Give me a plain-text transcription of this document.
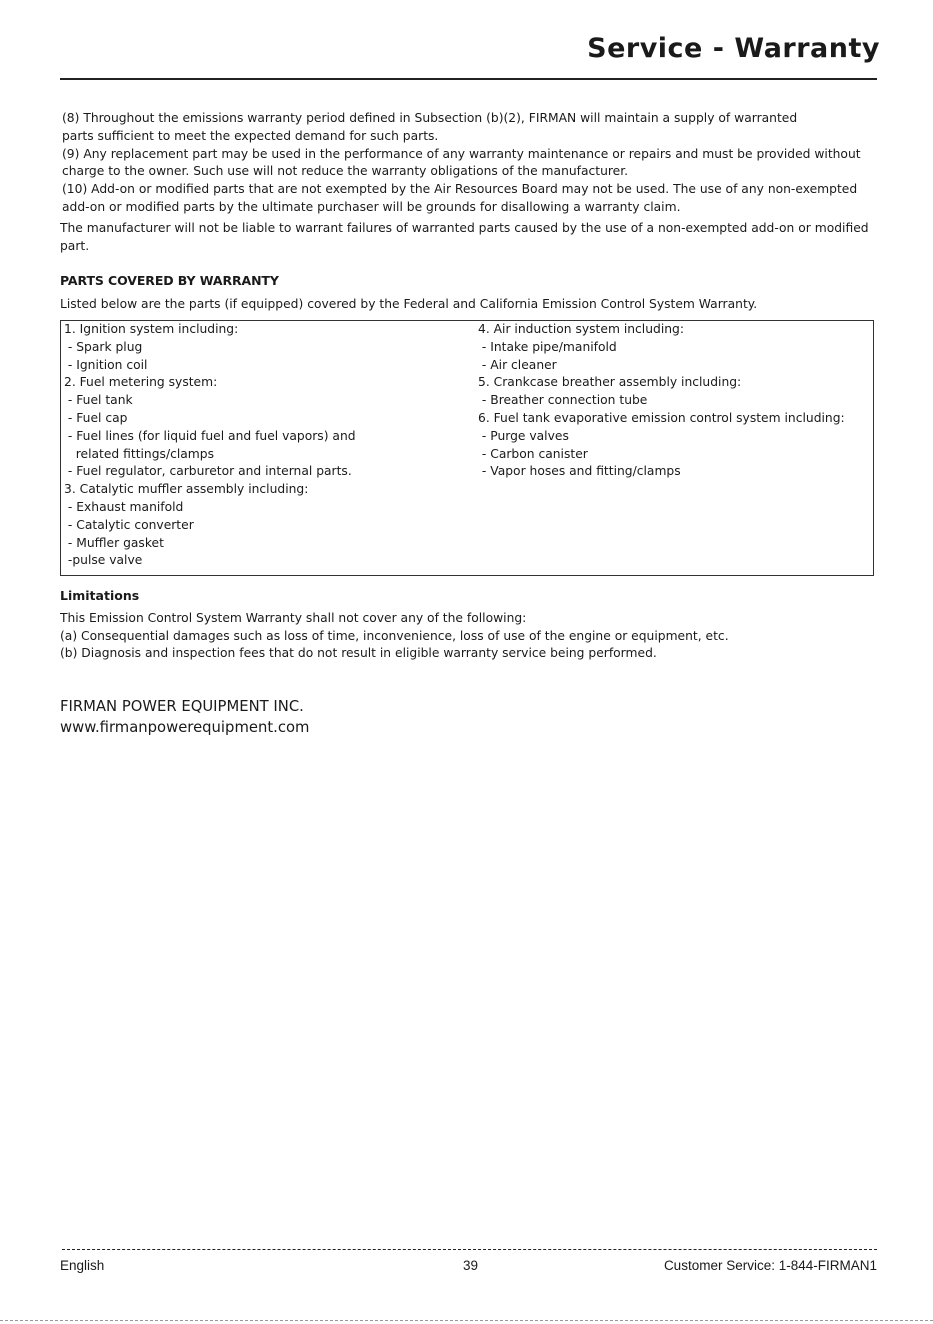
Service - Warranty

(8) Throughout the emissions warranty period defined in Subsection (b)(2), FIRMAN will maintain a supply of warranted
parts sufficient to meet the expected demand for such parts.

(9) Any replacement part may be used in the performance of any warranty maintenance or repairs and must be provided without
charge to the owner. Such use will not reduce the warranty obligations of the manufacturer.

(10) Add-on or modified parts that are not exempted by the Air Resources Board may not be used. The use of any non-exempted
add-on or modified parts by the ultimate purchaser will be grounds for disallowing a warranty claim.

The manufacturer will not be liable to warrant failures of warranted parts caused by the use of a non-exempted add-on or modified
part.

PARTS COVERED BY WARRANTY

Listed below are the parts (if equipped) covered by the Federal and California Emission Control System Warranty.

1. Ignition system including:
- Spark plug
- Ignition coil
2. Fuel metering system:
- Fuel tank
- Fuel cap
- Fuel lines (for liquid fuel and fuel vapors) and
related fittings/clamps
- Fuel regulator, carburetor and internal parts.
3. Catalytic muffler assembly including:
- Exhaust manifold
- Catalytic converter
- Muffler gasket
-pulse valve
4. Air induction system including:
- Intake pipe/manifold
- Air cleaner
5. Crankcase breather assembly including:
- Breather connection tube
6. Fuel tank evaporative emission control system including:
- Purge valves
- Carbon canister
- Vapor hoses and fitting/clamps
Limitations

This Emission Control System Warranty shall not cover any of the following:

(a) Consequential damages such as loss of time, inconvenience, loss of use of the engine or equipment, etc.

(b) Diagnosis and inspection fees that do not result in eligible warranty service being performed.

FIRMAN POWER EQUIPMENT INC.
www.firmanpowerequipment.com
English	39	Customer Service: 1-844-FIRMAN1
